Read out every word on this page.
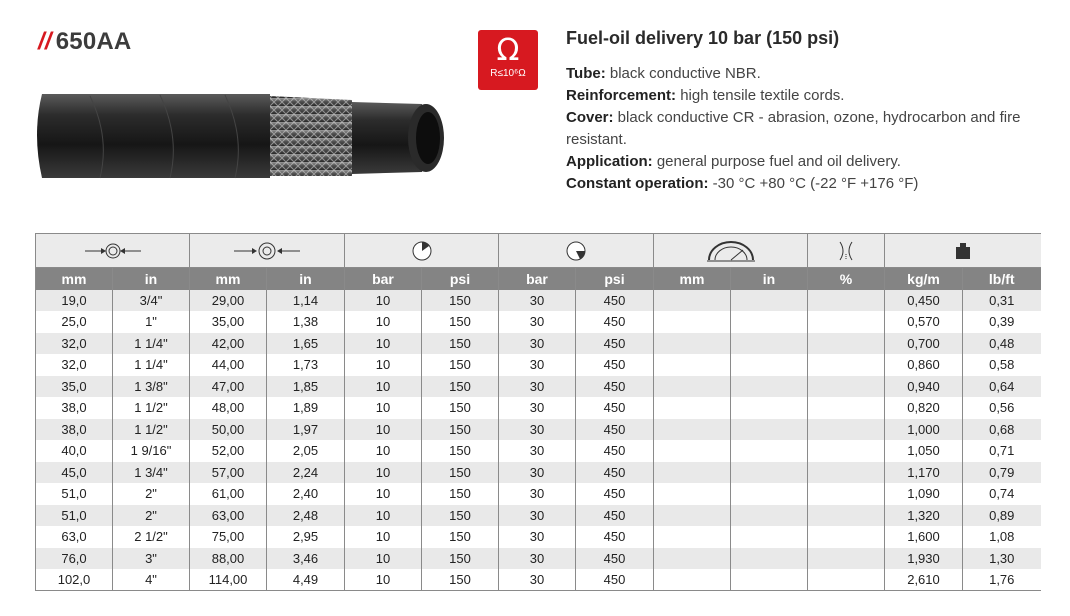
// 650AA	Ω
R≤10⁶Ω
Fuel-oil delivery 10 bar (150 psi)
Tube: black conductive NBR.
Reinforcement: high tensile textile cords.
Cover: black conductive CR - abrasion, ozone, hydrocarbon and fire resistant.
Application: general purpose fuel and oil delivery.
Constant operation: -30 °C +80 °C (-22 °F +176 °F)

mm	in	mm	in	bar	psi	bar	psi	mm	in	%	kg/m	lb/ft
19,0	3/4"	29,00	1,14	10	150	30	450				0,450	0,31
25,0	1"	35,00	1,38	10	150	30	450				0,570	0,39
32,0	1 1/4"	42,00	1,65	10	150	30	450				0,700	0,48
32,0	1 1/4"	44,00	1,73	10	150	30	450				0,860	0,58
35,0	1 3/8"	47,00	1,85	10	150	30	450				0,940	0,64
38,0	1 1/2"	48,00	1,89	10	150	30	450				0,820	0,56
38,0	1 1/2"	50,00	1,97	10	150	30	450				1,000	0,68
40,0	1 9/16"	52,00	2,05	10	150	30	450				1,050	0,71
45,0	1 3/4"	57,00	2,24	10	150	30	450				1,170	0,79
51,0	2"	61,00	2,40	10	150	30	450				1,090	0,74
51,0	2"	63,00	2,48	10	150	30	450				1,320	0,89
63,0	2 1/2"	75,00	2,95	10	150	30	450				1,600	1,08
76,0	3"	88,00	3,46	10	150	30	450				1,930	1,30
102,0	4"	114,00	4,49	10	150	30	450				2,610	1,76
